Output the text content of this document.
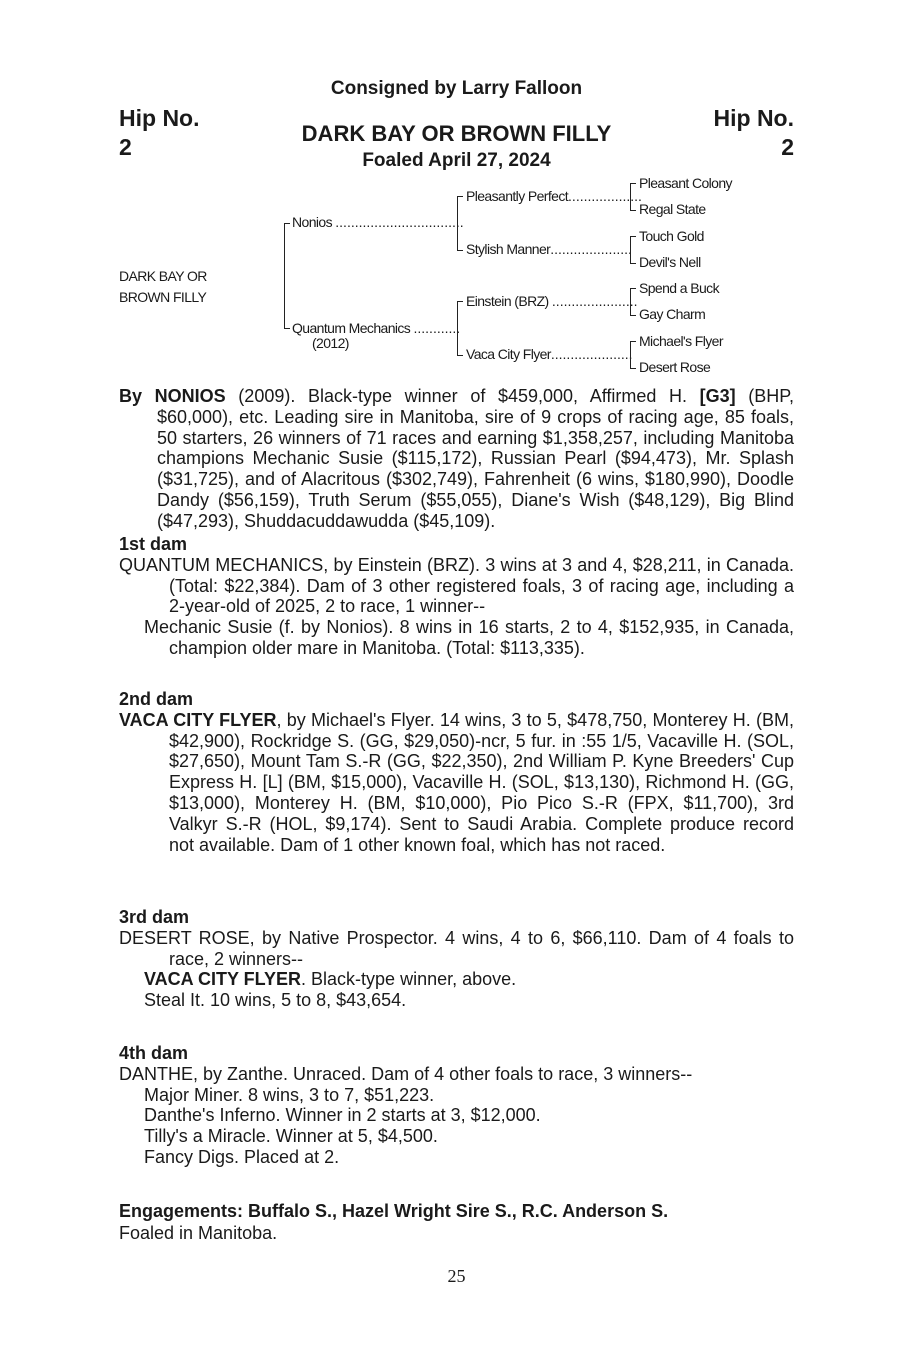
Consigned by Larry Falloon
Hip No.
2
Hip No.
2
DARK BAY OR BROWN FILLY
Foaled April 27, 2024
DARK BAY OR
BROWN FILLY
Nonios .................................
Quantum Mechanics ............
(2012)
Pleasantly Perfect...................
Stylish Manner.....................
Einstein (BRZ) ......................
Vaca City Flyer.....................
Pleasant Colony
Regal State
Touch Gold
Devil's Nell
Spend a Buck
Gay Charm
Michael's Flyer
Desert Rose

By NONIOS (2009). Black-type winner of $459,000, Affirmed H. [G3] (BHP, $60,000), etc. Leading sire in Manitoba, sire of 9 crops of racing age, 85 foals, 50 starters, 26 winners of 71 races and earning $1,358,257, including Manitoba champions Mechanic Susie ($115,172), Russian Pearl ($94,473), Mr. Splash ($31,725), and of Alacritous ($302,749), Fahrenheit (6 wins, $180,990), Doodle Dandy ($56,159), Truth Serum ($55,055), Diane's Wish ($48,129), Big Blind ($47,293), Shuddacuddawudda ($45,109).

1st dam

QUANTUM MECHANICS, by Einstein (BRZ). 3 wins at 3 and 4, $28,211, in Canada. (Total: $22,384). Dam of 3 other registered foals, 3 of racing age, including a 2-year-old of 2025, 2 to race, 1 winner--

Mechanic Susie (f. by Nonios). 8 wins in 16 starts, 2 to 4, $152,935, in Canada, champion older mare in Manitoba. (Total: $113,335).

2nd dam

VACA CITY FLYER, by Michael's Flyer. 14 wins, 3 to 5, $478,750, Monterey H. (BM, $42,900), Rockridge S. (GG, $29,050)-ncr, 5 fur. in :55 1/5, Vacaville H. (SOL, $27,650), Mount Tam S.-R (GG, $22,350), 2nd William P. Kyne Breeders' Cup Express H. [L] (BM, $15,000), Vacaville H. (SOL, $13,130), Richmond H. (GG, $13,000), Monterey H. (BM, $10,000), Pio Pico S.-R (FPX, $11,700), 3rd Valkyr S.-R (HOL, $9,174). Sent to Saudi Arabia. Complete produce record not available. Dam of 1 other known foal, which has not raced.

3rd dam

DESERT ROSE, by Native Prospector. 4 wins, 4 to 6, $66,110. Dam of 4 foals to race, 2 winners--

VACA CITY FLYER. Black-type winner, above.

Steal It. 10 wins, 5 to 8, $43,654.

4th dam

DANTHE, by Zanthe. Unraced. Dam of 4 other foals to race, 3 winners--

Major Miner. 8 wins, 3 to 7, $51,223.

Danthe's Inferno. Winner in 2 starts at 3, $12,000.

Tilly's a Miracle. Winner at 5, $4,500.

Fancy Digs. Placed at 2.

Engagements: Buffalo S., Hazel Wright Sire S., R.C. Anderson S.
Foaled in Manitoba.
25
